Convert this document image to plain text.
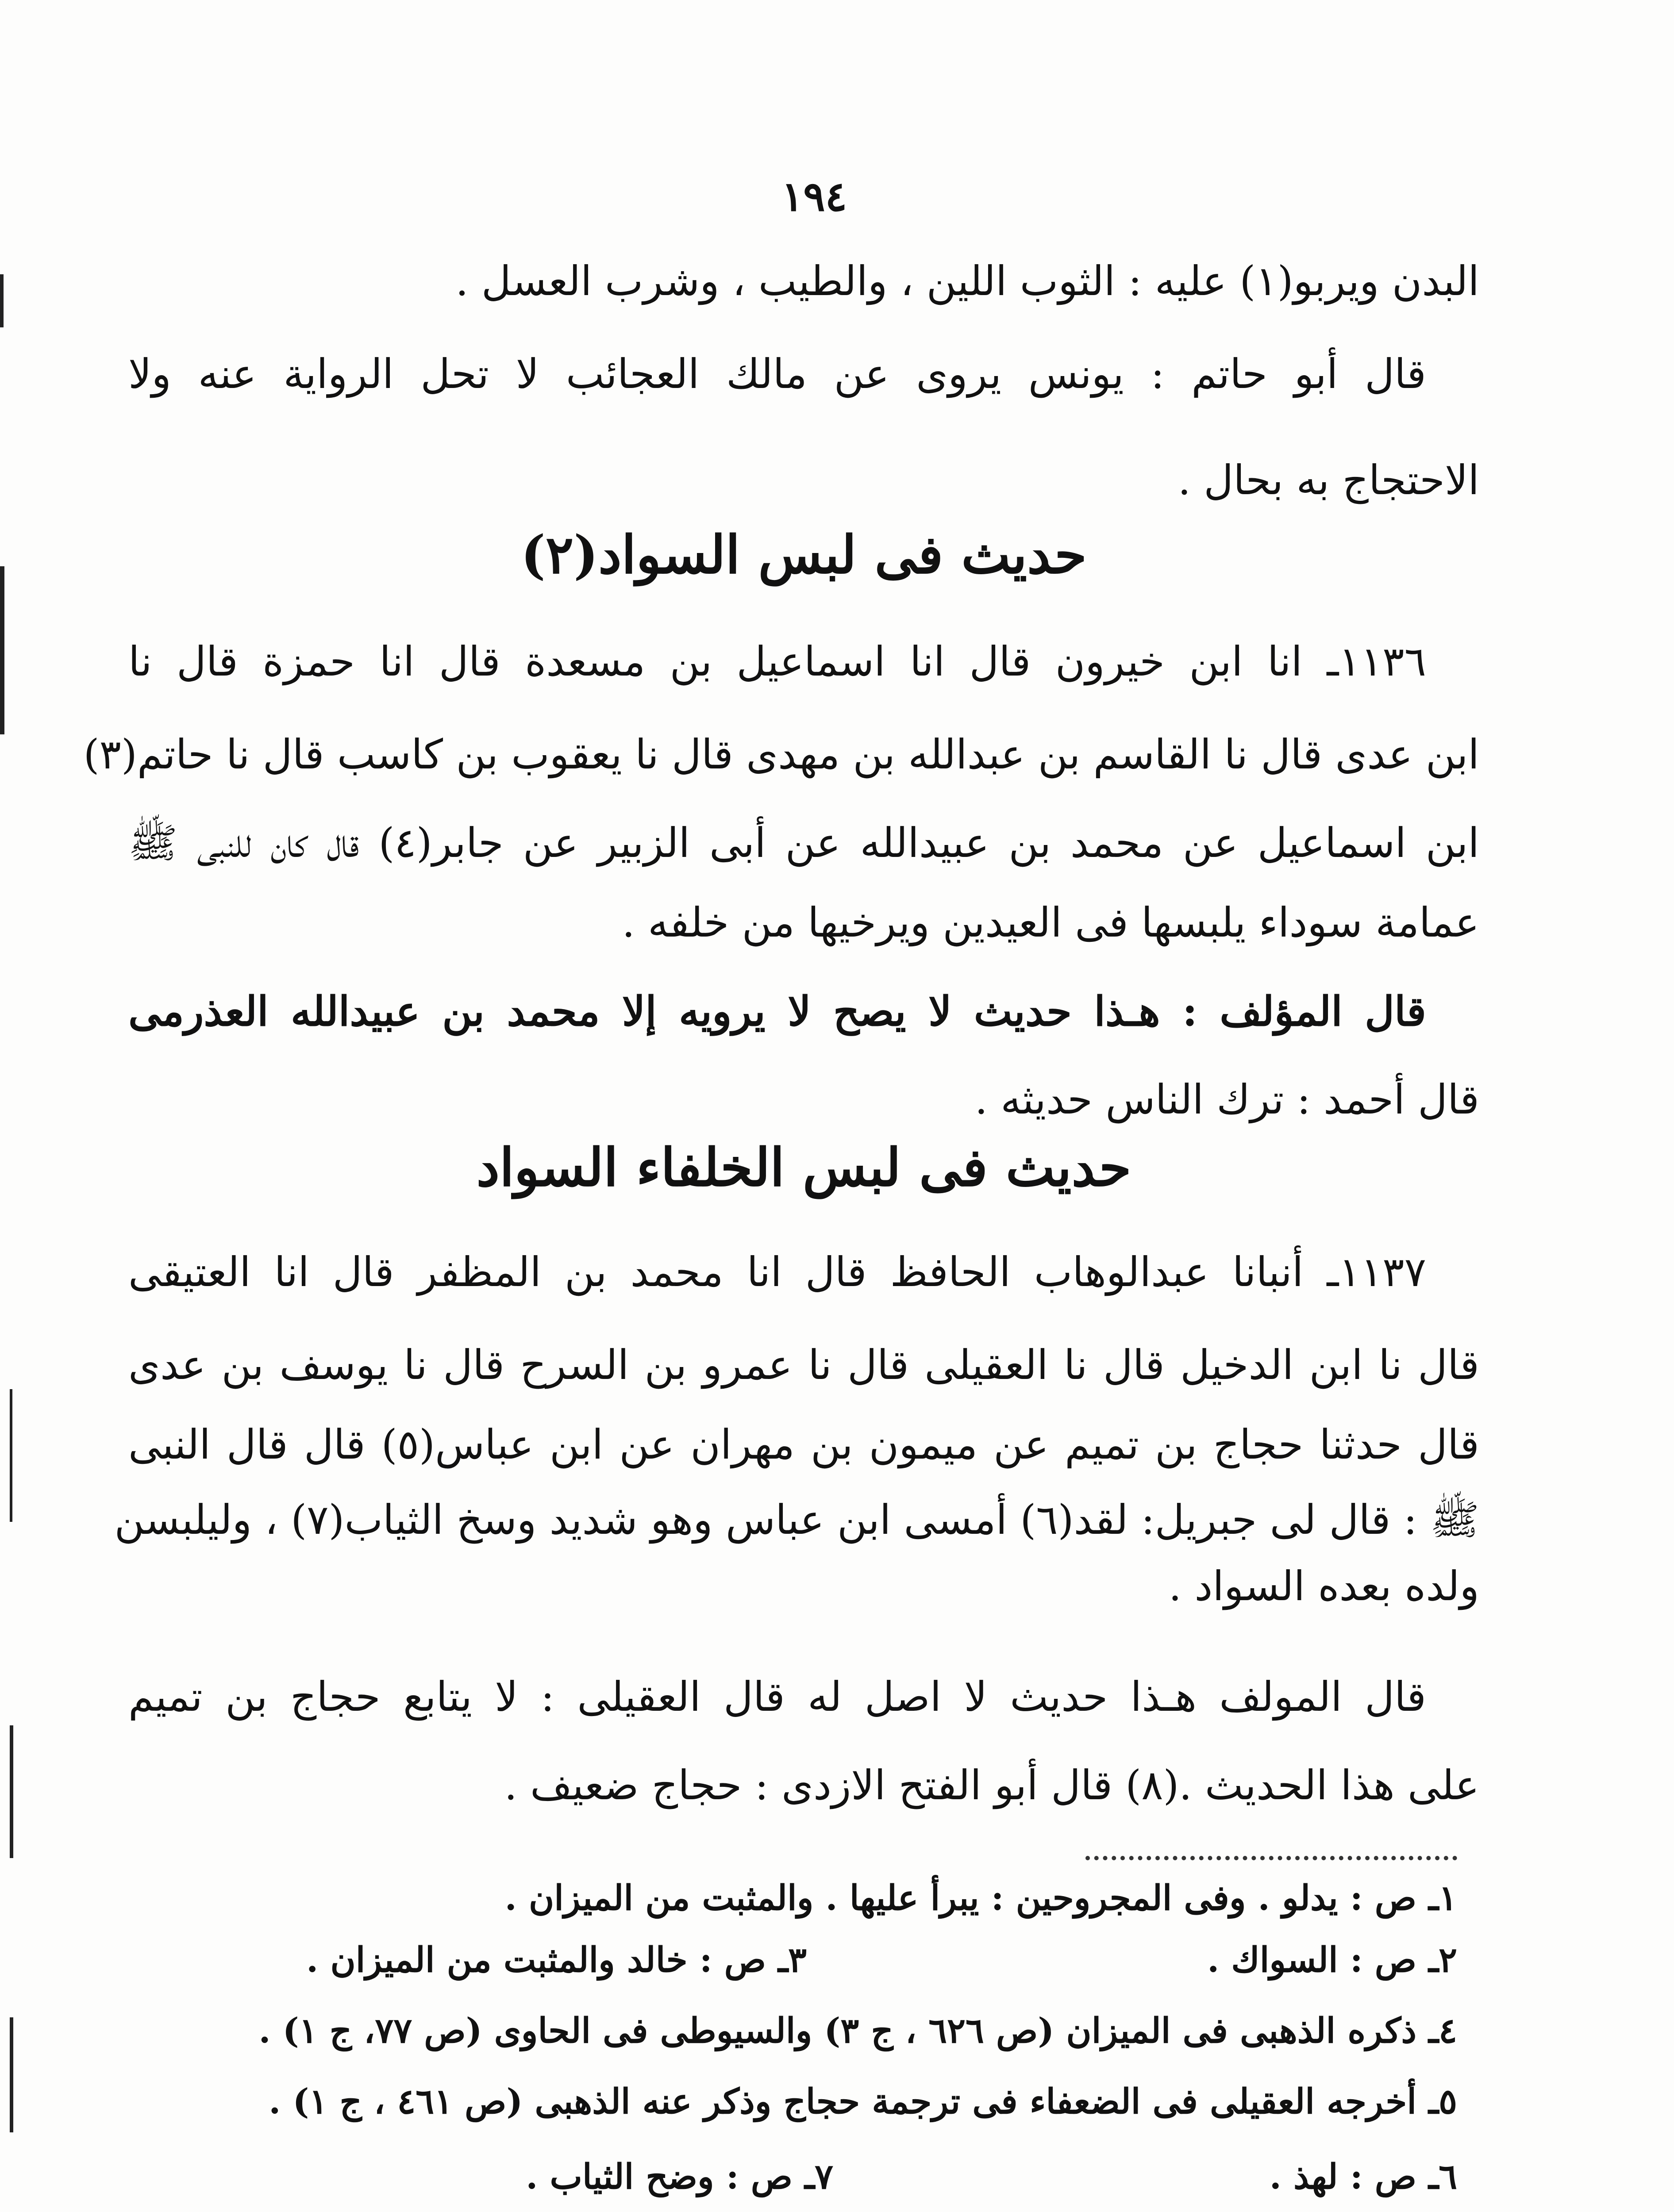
١٩٤
البدن ويربو(١) عليه : الثوب اللين ، والطيب ، وشرب العسل .
قال أبو حاتم : يونس يروى عن مالك العجائب لا تحل الرواية عنه ولا
الاحتجاج به بحال .
حديث فى لبس السواد(٢)
١١٣٦ـ انا ابن خيرون قال انا اسماعيل بن مسعدة قال انا حمزة قال نا
ابن عدى قال نا القاسم بن عبدالله بن مهدى قال نا يعقوب بن كاسب قال نا حاتم(٣)
ابن اسماعيل عن محمد بن عبيدالله عن أبى الزبير عن جابر(٤) قال كان للنبى ﷺ
عمامة سوداء يلبسها فى العيدين ويرخيها من خلفه .
قال المؤلف : هـذا حديث لا يصح لا يرويه إلا محمد بن عبيدالله العذرمى
قال أحمد : ترك الناس حديثه .
حديث فى لبس الخلفاء السواد
١١٣٧ـ أنبانا عبدالوهاب الحافظ قال انا محمد بن المظفر قال انا العتيقى
قال نا ابن الدخيل قال نا العقيلى قال نا عمرو بن السرح قال نا يوسف بن عدى
قال حدثنا حجاج بن تميم عن ميمون بن مهران عن ابن عباس(٥) قال قال النبى
ﷺ : قال لى جبريل: لقد(٦) أمسى ابن عباس وهو شديد وسخ الثياب(٧) ، وليلبسن
ولده بعده السواد .
قال المولف هـذا حديث لا اصل له قال العقيلى : لا يتابع حجاج بن تميم
على هذا الحديث .(٨) قال أبو الفتح الازدى : حجاج ضعيف .
١ـ ص : يدلو . وفى المجروحين : يبرأ عليها . والمثبت من الميزان .
٢ـ ص : السواك .
٣ـ ص : خالد والمثبت من الميزان .
٤ـ ذكره الذهبى فى الميزان (ص ٦٢٦ ، ج ٣) والسيوطى فى الحاوى (ص ٧٧، ج ١) .
٥ـ أخرجه العقيلى فى الضعفاء فى ترجمة حجاج وذكر عنه الذهبى (ص ٤٦١ ، ج ١) .
٦ـ ص : لهذ .
٧ـ ص : وضح الثياب .
